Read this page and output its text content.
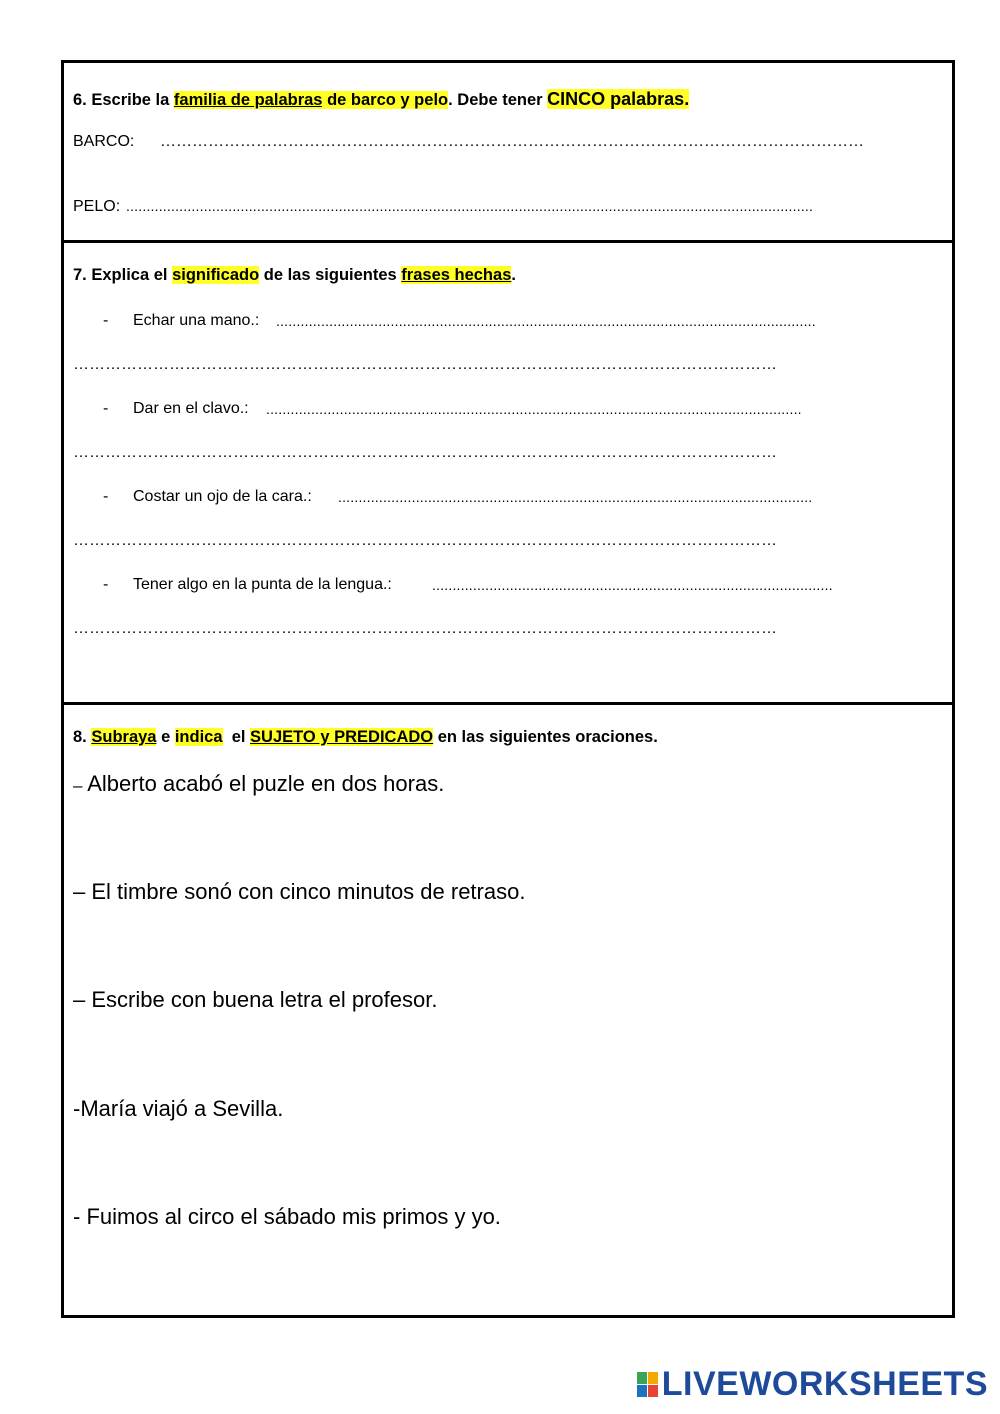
6. Escribe la familia de palabras de barco y pelo. Debe tener CINCO palabras.
BARCO: ……………………………………………………………………………………………………………………
PELO: ........................................................................................................................................................................
7. Explica el significado de las siguientes frases hechas.
- Echar una mano.: ....................................................................................................................................
……………………………………………………………………………………………………………………
- Dar en el clavo.: ...................................................................................................................................
……………………………………………………………………………………………………………………
- Costar un ojo de la cara.: ....................................................................................................................
……………………………………………………………………………………………………………………
- Tener algo en la punta de la lengua.:	..................................................................................................
……………………………………………………………………………………………………………………
8. Subraya e indica  el SUJETO y PREDICADO en las siguientes oraciones.
– Alberto acabó el puzle en dos horas.
– El timbre sonó con cinco minutos de retraso.
– Escribe con buena letra el profesor.
-María viajó a Sevilla.
- Fuimos al circo el sábado mis primos y yo.
LIVEWORKSHEETS
